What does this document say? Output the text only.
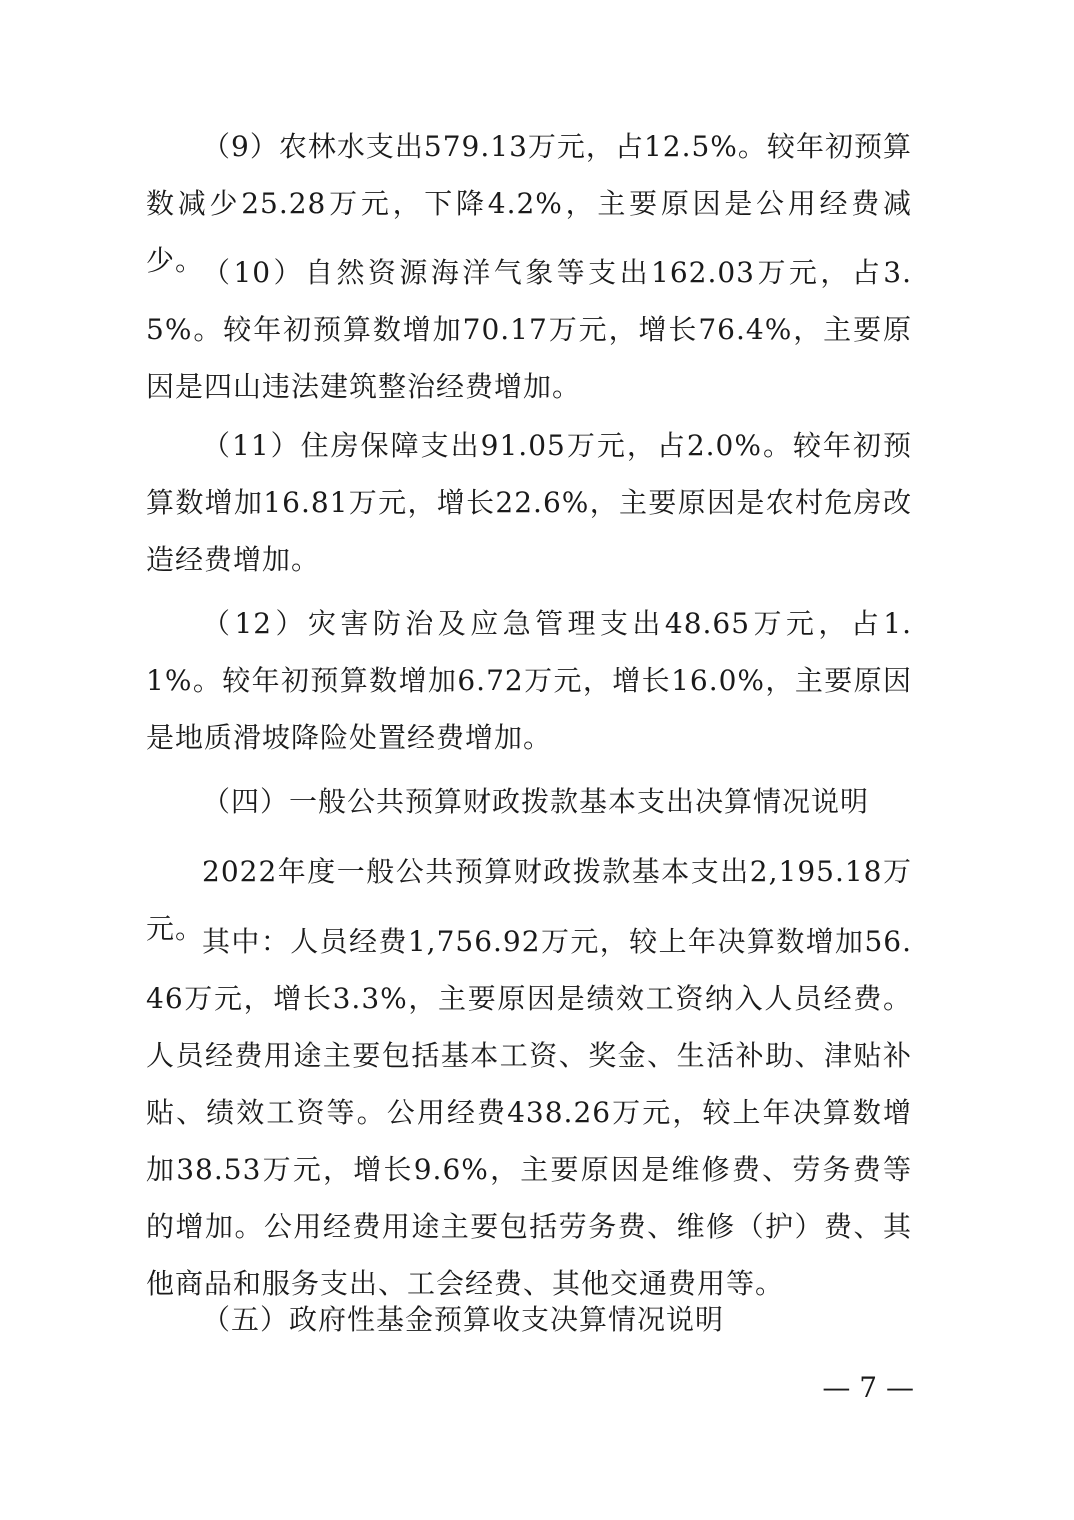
（9）农林水支出579.13万元，占12.5%。较年初预算数减少25.28万元，下降4.2%，主要原因是公用经费减少。

（10）自然资源海洋气象等支出162.03万元，占3.5%。较年初预算数增加70.17万元，增长76.4%，主要原因是四山违法建筑整治经费增加。

（11）住房保障支出91.05万元，占2.0%。较年初预算数增加16.81万元，增长22.6%，主要原因是农村危房改造经费增加。

（12）灾害防治及应急管理支出48.65万元，占1.1%。较年初预算数增加6.72万元，增长16.0%，主要原因是地质滑坡降险处置经费增加。

（四）一般公共预算财政拨款基本支出决算情况说明

2022年度一般公共预算财政拨款基本支出2,195.18万元。

其中：人员经费1,756.92万元，较上年决算数增加56.46万元，增长3.3%，主要原因是绩效工资纳入人员经费。人员经费用途主要包括基本工资、奖金、生活补助、津贴补贴、绩效工资等。公用经费438.26万元，较上年决算数增加38.53万元，增长9.6%，主要原因是维修费、劳务费等的增加。公用经费用途主要包括劳务费、维修（护）费、其他商品和服务支出、工会经费、其他交通费用等。

（五）政府性基金预算收支决算情况说明

— 7 —
